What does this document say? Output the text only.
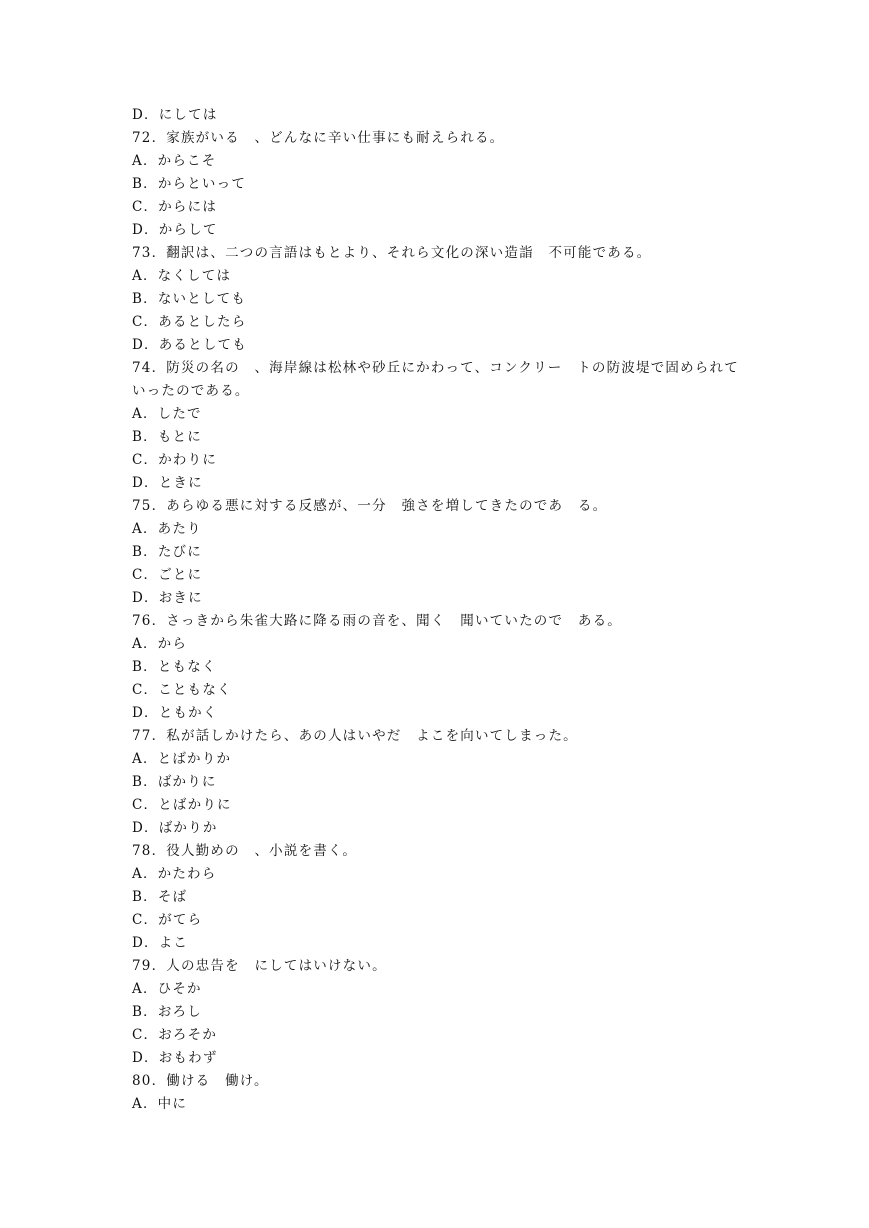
D．にしては
72．家族がいる　、どんなに辛い仕事にも耐えられる。
A．からこそ
B．からといって
C．からには
D．からして
73．翻訳は、二つの言語はもとより、それら文化の深い造詣　不可能である。
A．なくしては
B．ないとしても
C．あるとしたら
D．あるとしても
74．防災の名の　、海岸線は松林や砂丘にかわって、コンクリー　トの防波堤で固められて
いったのである。
A．したで
B．もとに
C．かわりに
D．ときに
75．あらゆる悪に対する反感が、一分　強さを増してきたのであ　る。
A．あたり
B．たびに
C．ごとに
D．おきに
76．さっきから朱雀大路に降る雨の音を、聞く　聞いていたので　ある。
A．から
B．ともなく
C．こともなく
D．ともかく
77．私が話しかけたら、あの人はいやだ　よこを向いてしまった。
A．とばかりか
B．ばかりに
C．とばかりに
D．ばかりか
78．役人勤めの　、小説を書く。
A．かたわら
B．そば
C．がてら
D．よこ
79．人の忠告を　にしてはいけない。
A．ひそか
B．おろし
C．おろそか
D．おもわず
80．働ける　働け。
A．中に
